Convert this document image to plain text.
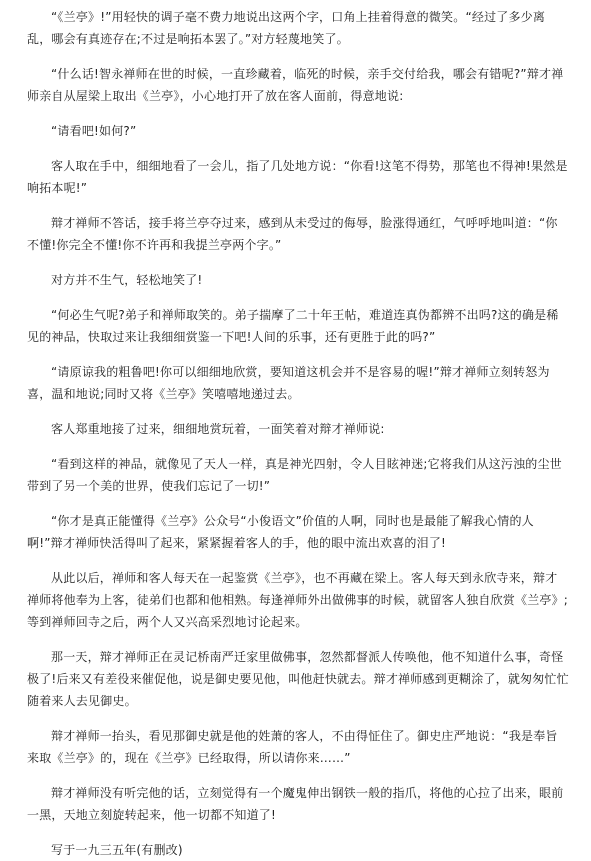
“《兰亭》!”用轻快的调子毫不费力地说出这两个字，口角上挂着得意的微笑。“经过了多少离乱，哪会有真迹存在;不过是响拓本罢了。”对方轻蔑地笑了。

“什么话!智永禅师在世的时候，一直珍藏着，临死的时候，亲手交付给我，哪会有错呢?”辩才禅师亲自从屋梁上取出《兰亭》，小心地打开了放在客人面前，得意地说:

“请看吧!如何?”

客人取在手中，细细地看了一会儿，指了几处地方说：“你看!这笔不得势，那笔也不得神!果然是响拓本呢!”

辩才禅师不答话，接手将兰亭夺过来，感到从未受过的侮辱，脸涨得通红，气呼呼地叫道：“你不懂!你完全不懂!你不许再和我提兰亭两个字。”

对方并不生气，轻松地笑了!

“何必生气呢?弟子和禅师取笑的。弟子揣摩了二十年王帖，难道连真伪都辨不出吗?这的确是稀见的神品，快取过来让我细细赏鉴一下吧!人间的乐事，还有更胜于此的吗?”

“请原谅我的粗鲁吧!你可以细细地欣赏，要知道这机会并不是容易的喔!”辩才禅师立刻转怒为喜，温和地说;同时又将《兰亭》笑嘻嘻地递过去。

客人郑重地接了过来，细细地赏玩着，一面笑着对辩才禅师说:

“看到这样的神品，就像见了天人一样，真是神光四射，令人目眩神迷;它将我们从这污浊的尘世带到了另一个美的世界，使我们忘记了一切!”

“你才是真正能懂得《兰亭》公众号“小俊语文”价值的人啊，同时也是最能了解我心情的人啊!”辩才禅师快活得叫了起来，紧紧握着客人的手，他的眼中流出欢喜的泪了!

从此以后，禅师和客人每天在一起鉴赏《兰亭》，也不再藏在梁上。客人每天到永欣寺来，辩才禅师将他奉为上客，徒弟们也都和他相熟。每逢禅师外出做佛事的时候，就留客人独自欣赏《兰亭》;等到禅师回寺之后，两个人又兴高采烈地讨论起来。

那一天，辩才禅师正在灵记桥南严迁家里做佛事，忽然都督派人传唤他，他不知道什么事，奇怪极了!后来又有差役来催促他，说是御史要见他，叫他赶快就去。辩才禅师感到更糊涂了，就匆匆忙忙随着来人去见御史。

辩才禅师一抬头，看见那御史就是他的姓萧的客人，不由得怔住了。御史庄严地说：“我是奉旨来取《兰亭》的，现在《兰亭》已经取得，所以请你来……”

辩才禅师没有听完他的话，立刻觉得有一个魔鬼伸出钢铁一般的指爪，将他的心拉了出来，眼前一黑，天地立刻旋转起来，他一切都不知道了!

写于一九三五年(有删改)
